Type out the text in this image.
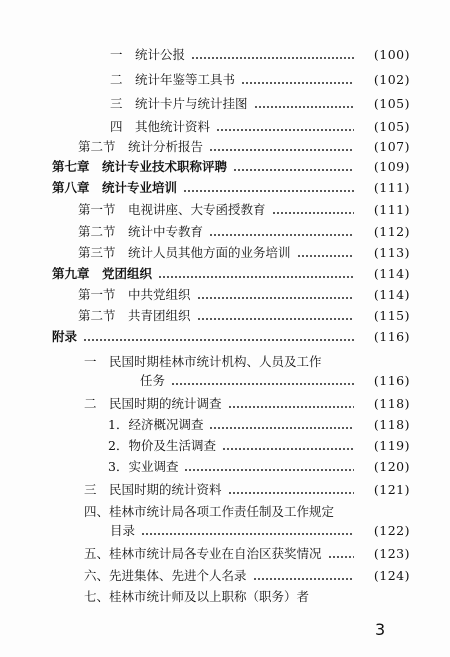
一　统计公报	(100)
二　统计年鉴等工具书	(102)
三　统计卡片与统计挂图	(105)
四　其他统计资料	(105)
第二节　统计分析报告	(107)
第七章　统计专业技术职称评聘	(109)
第八章　统计专业培训	(111)
第一节　电视讲座、大专函授教育	(111)
第二节　统计中专教育	(112)
第三节　统计人员其他方面的业务培训	(113)
第九章　党团组织	(114)
第一节　中共党组织	(114)
第二节　共青团组织	(115)
附录	(116)
一　民国时期桂林市统计机构、人员及工作
任务	(116)
二　民国时期的统计调查	(118)
1．经济概况调查	(118)
2．物价及生活调查	(119)
3．实业调查	(120)
三　民国时期的统计资料	(121)
四、桂林市统计局各项工作责任制及工作规定
目录	(122)
五、桂林市统计局各专业在自治区获奖情况	(123)
六、先进集体、先进个人名录	(124)
七、桂林市统计师及以上职称（职务）者
3
